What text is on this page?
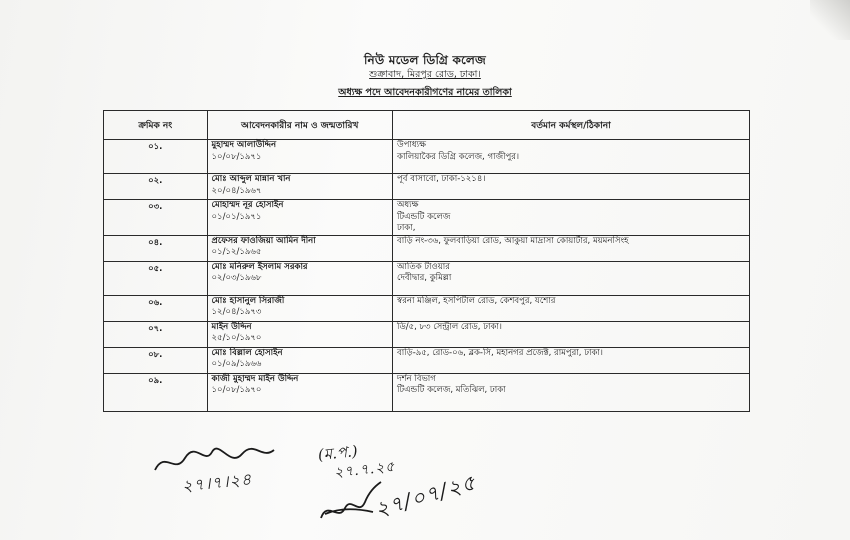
নিউ মডেল ডিগ্রি কলেজ
শুক্রাবাদ, মিরপুর রোড, ঢাকা।
অধ্যক্ষ পদে আবেদনকারীগণের নামের তালিকা
ক্রমিক নং	আবেদনকারীর নাম ও জন্মতারিখ	বর্তমান কর্মস্থল/ঠিকানা
০১.	মুহাম্মদ আলাউদ্দিন
১০/০৮/১৯৭১	উপাধ্যক্ষ
কালিয়াকৈর ডিগ্রি কলেজ, গাজীপুর।

০২.	মোঃ আব্দুল মান্নান খান
২০/০৪/১৯৬৭	পূর্ব বাসাবো, ঢাকা-১২১৪।

০৩.	মোহাম্মদ নূর হোসাইন
০১/০১/১৯৭১	অধ্যক্ষ
টিএন্ডটি কলেজ
ঢাকা,

০৪.	প্রফেসর ফাওজিয়া আমিন দীনা
০১/১২/১৯৬৫	বাড়ি নং-৩৬, ফুলবাড়িয়া রোড, আকুয়া মাদ্রাসা কোয়ার্টার, ময়মনসিংহ

০৫.	মোঃ মনিরুল ইসলাম সরকার
০২/০৩/১৯৬৮	আতিক টাওয়ার
দেবীদ্বার, কুমিল্লা

০৬.	মোঃ হাসানুল সিরাজী
১২/০৪/১৯৭৩	স্বরনা মঞ্জিল, হসপিটাল রোড, কেশবপুর, যশোর

০৭.	মাইন উদ্দিন
২৫/১০/১৯৭০	ডি/৫, ৮৩ সেন্ট্রাল রোড, ঢাকা।

০৮.	মোঃ বিল্লাল হোসাইন
০১/০৯/১৯৬৬	বাড়ি-৯৫, রোড-০৬, ব্লক-সি, মহানগর প্রজেক্ট, রামপুরা, ঢাকা।

০৯.	কাজী মুহাম্মদ মাইন উদ্দিন
১০/০৮/১৯৭০	দর্শন বিভাগ
টিএন্ডটি কলেজ, মতিঝিল, ঢাকা
২৭।৭।২৪
(ম.প.)
২৭.৭.২৫
২৭/০৭/২৫
